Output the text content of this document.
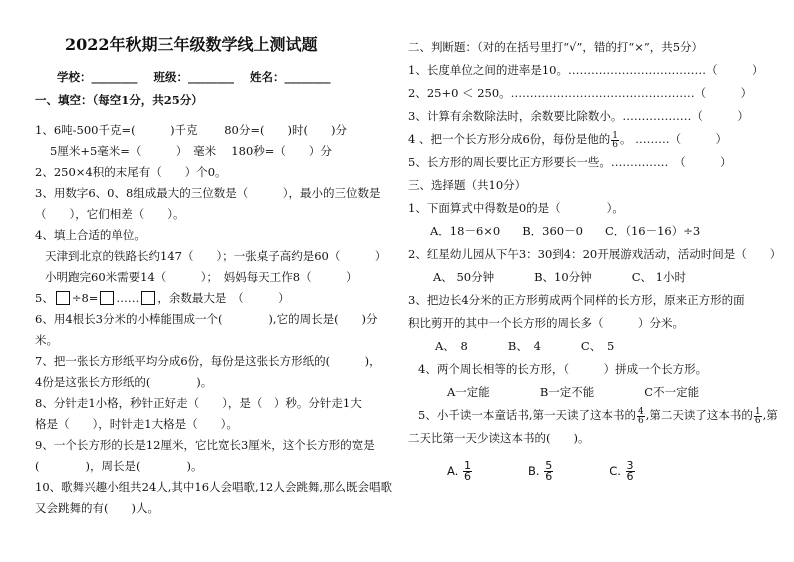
2022年秋期三年级数学线上测试题
学校：________ 班级：________ 姓名：________
一、填空：（每空1分，共25分）
1、6吨-500千克=(　　　)千克　　 80分=(　　)时(　　)分
5厘米+5毫米=（　　　）　毫米　 180秒=（　　）分
2、250×4积的末尾有（　　）个0。
3、用数字6、0、8组成最大的三位数是（　　　），最小的三位数是
（　　），它们相差（　　）。
4、填上合适的单位。
天津到北京的铁路长约147（　　）；一张桌子高约是60（　　　）
小明跑完60米需要14（　　　）；　妈妈每天工作8（　　　）
5、 ÷8= …… ，余数最大是　（　　　）
6、用4根长3分米的小棒能围成一个(　　　　),它的周长是(　　)分米。
7、把一张长方形纸平均分成6份，每份是这张长方形纸的(　　　)，
4份是这张长方形纸的(　　　　)。
8、分针走1小格，秒针正好走（　　），是（　）秒。分针走1大
格是（　　），时针走1大格是（　　）。
9、一个长方形的长是12厘米，它比宽长3厘米，这个长方形的宽是
(　　　　)，周长是(　　　　)。
10、歌舞兴趣小组共24人,其中16人会唱歌,12人会跳舞,那么既会唱歌
又会跳舞的有(　　)人。
二、判断题：（对的在括号里打“√”，错的打“×”，共5分）
1、长度单位之间的进率是10。………………………………（　　　）
2、25+0 ＜ 250。…………………………………………（　　　）
3、计算有余数除法时，余数要比除数小。………………（　　　）
4 、把一个长方形分成6份，每份是他的 $\frac{1}{6}$ 。 ………（　　　）
5、长方形的周长要比正方形要长一些。……………　（　　　）
三、选择题（共10分）
1、下面算式中得数是0的是（　　　　）。
A．18－6×0 B．360－0 C．（16－16）÷3
2、红星幼儿园从下午3：30到4：20开展游戏活动，活动时间是（　　）
A、 50分钟	B、10分钟	C、 1小时
3、把边长4分米的正方形剪成两个同样的长方形，原来正方形的面
积比剪开的其中一个长方形的周长多（　　　）分米。
A、　8	B、　4	C、　5
4、两个周长相等的长方形，（　　　）拼成一个长方形。
A一定能	B一定不能	C不一定能
5、小千读一本童话书,第一天读了这本书的 $\frac{4}{6}$ ,第二天读了这本书的 $\frac{1}{6}$ ,第
二天比第一天少读这本书的(　　)。
A. $\frac{1}{6}$	B. $\frac{5}{6}$	C. $\frac{3}{6}$
